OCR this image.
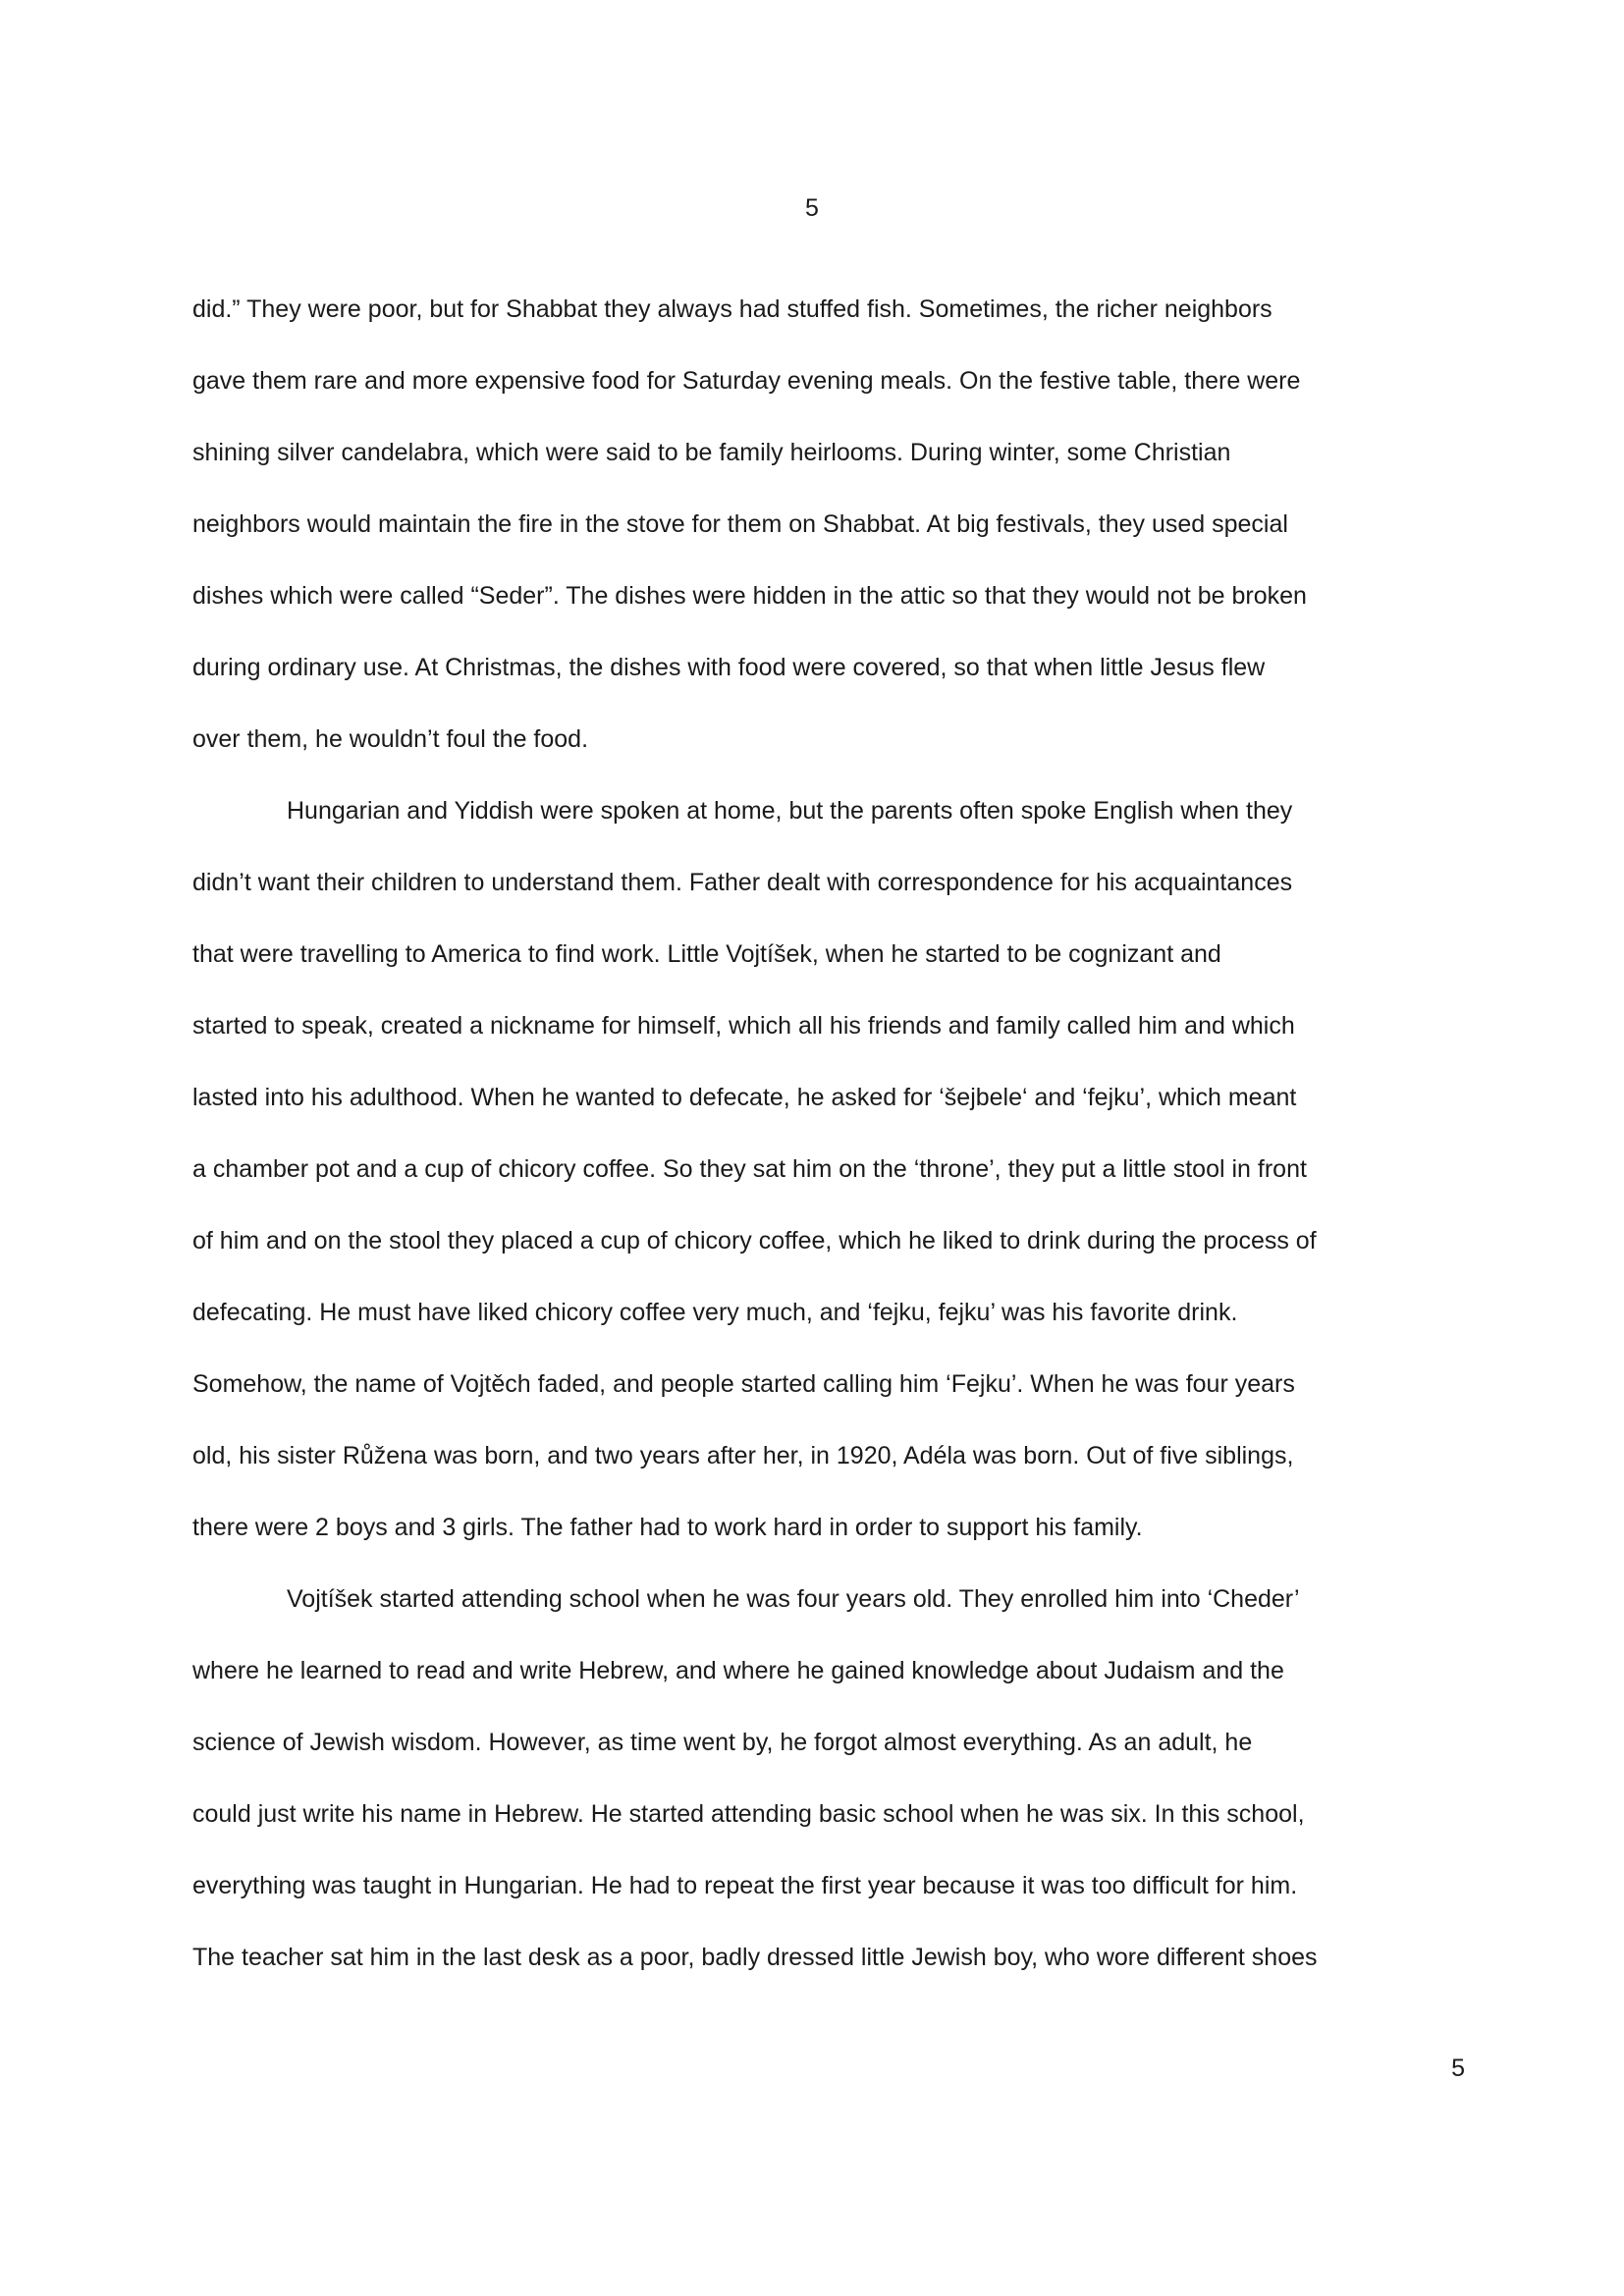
5
did.” They were poor, but for Shabbat they always had stuffed fish. Sometimes, the richer neighbors
gave them rare and more expensive food for Saturday evening meals. On the festive table, there were
shining silver candelabra, which were said to be family heirlooms. During winter, some Christian
neighbors would maintain the fire in the stove for them on Shabbat. At big festivals, they used special
dishes which were called “Seder”. The dishes were hidden in the attic so that they would not be broken
during ordinary use. At Christmas, the dishes with food were covered, so that when little Jesus flew
over them, he wouldn’t foul the food.
Hungarian and Yiddish were spoken at home, but the parents often spoke English when they
didn’t want their children to understand them. Father dealt with correspondence for his acquaintances
that were travelling to America to find work. Little Vojtíšek, when he started to be cognizant and
started to speak, created a nickname for himself, which all his friends and family called him and which
lasted into his adulthood. When he wanted to defecate, he asked for ‘šejbele‘ and ‘fejku’, which meant
a chamber pot and a cup of chicory coffee. So they sat him on the ‘throne’, they put a little stool in front
of him and on the stool they placed a cup of chicory coffee, which he liked to drink during the process of
defecating. He must have liked chicory coffee very much, and ‘fejku, fejku’ was his favorite drink.
Somehow, the name of Vojtěch faded, and people started calling him ‘Fejku’. When he was four years
old, his sister Růžena was born, and two years after her, in 1920, Adéla was born. Out of five siblings,
there were 2 boys and 3 girls. The father had to work hard in order to support his family.
Vojtíšek started attending school when he was four years old. They enrolled him into ‘Cheder’
where he learned to read and write Hebrew, and where he gained knowledge about Judaism and the
science of Jewish wisdom. However, as time went by, he forgot almost everything. As an adult, he
could just write his name in Hebrew. He started attending basic school when he was six. In this school,
everything was taught in Hungarian. He had to repeat the first year because it was too difficult for him.
The teacher sat him in the last desk as a poor, badly dressed little Jewish boy, who wore different shoes
5
